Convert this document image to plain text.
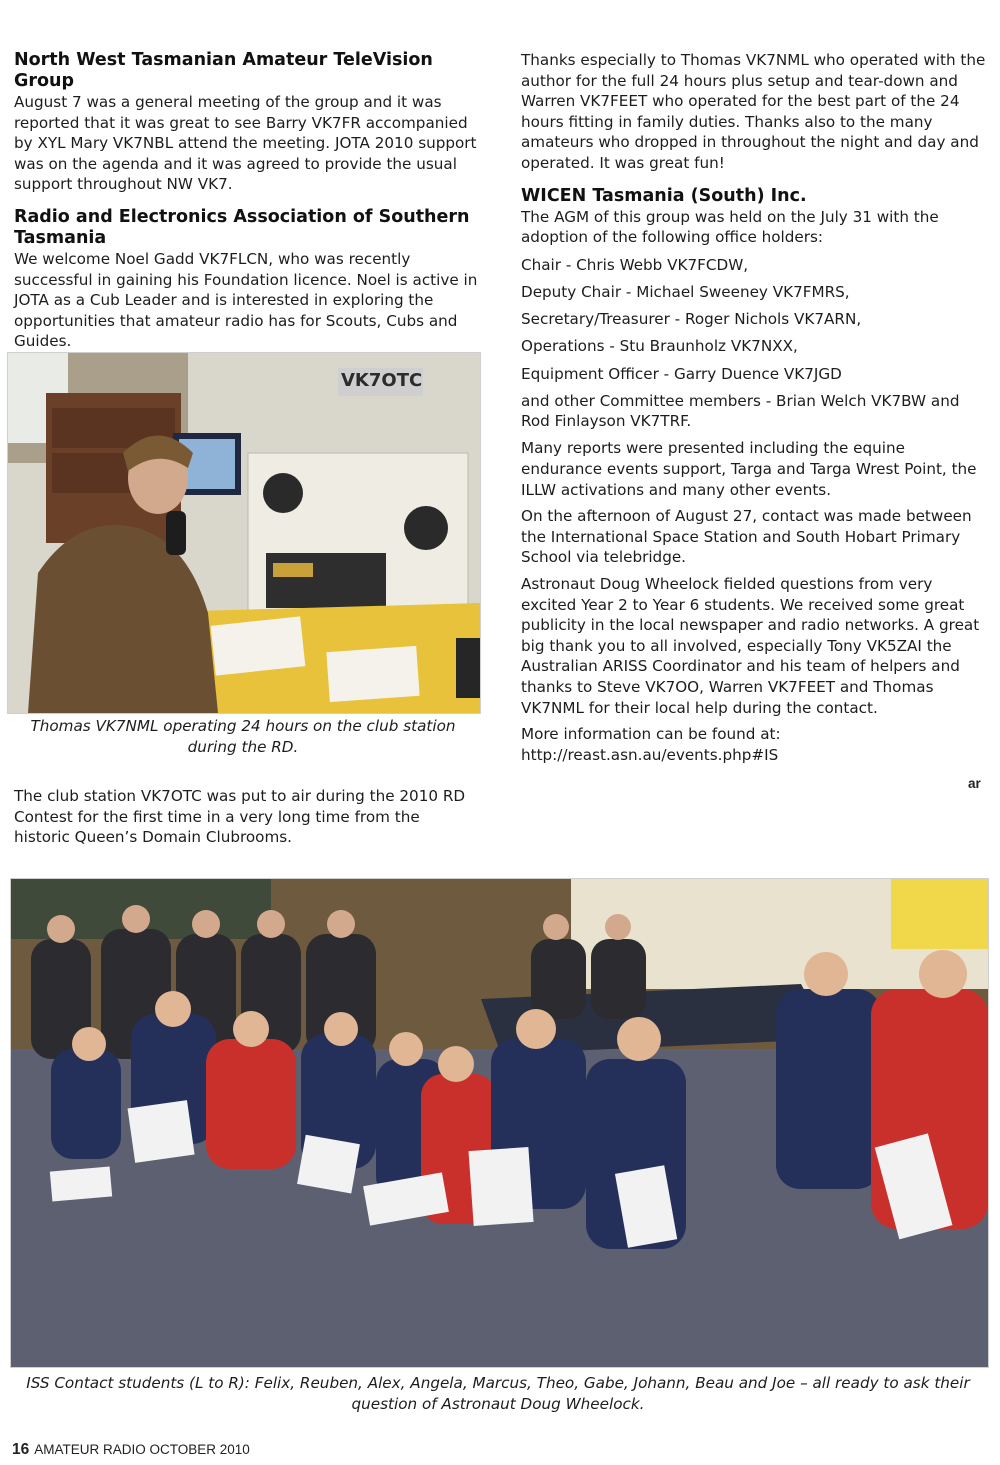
North West Tasmanian Amateur TeleVision Group

August 7 was a general meeting of the group and it was reported that it was great to see Barry VK7FR accompanied by XYL Mary VK7NBL attend the meeting. JOTA 2010 support was on the agenda and it was agreed to provide the usual support throughout NW VK7.

Radio and Electronics Association of Southern Tasmania

We welcome Noel Gadd VK7FLCN, who was recently successful in gaining his Foundation licence. Noel is active in JOTA as a Cub Leader and is interested in exploring the opportunities that amateur radio has for Scouts, Cubs and Guides.

VK7OTC
Thomas VK7NML operating 24 hours on the club station during the RD.

The club station VK7OTC was put to air during the 2010 RD Contest for the first time in a very long time from the historic Queen’s Domain Clubrooms.

Thanks especially to Thomas VK7NML who operated with the author for the full 24 hours plus setup and tear-down and Warren VK7FEET who operated for the best part of the 24 hours fitting in family duties. Thanks also to the many amateurs who dropped in throughout the night and day and operated. It was great fun!

WICEN Tasmania (South) Inc.

The AGM of this group was held on the July 31 with the adoption of the following office holders:

Chair - Chris Webb VK7FCDW,

Deputy Chair - Michael Sweeney VK7FMRS,

Secretary/Treasurer - Roger Nichols VK7ARN,

Operations - Stu Braunholz VK7NXX,

Equipment Officer - Garry Duence VK7JGD

and other Committee members - Brian Welch VK7BW and Rod Finlayson VK7TRF.

Many reports were presented including the equine endurance events support, Targa and Targa Wrest Point, the ILLW activations and many other events.

On the afternoon of August 27, contact was made between the International Space Station and South Hobart Primary School via telebridge.

Astronaut Doug Wheelock fielded questions from very excited Year 2 to Year 6 students. We received some great publicity in the local newspaper and radio networks. A great big thank you to all involved, especially Tony VK5ZAI the Australian ARISS Coordinator and his team of helpers and thanks to Steve VK7OO, Warren VK7FEET and Thomas VK7NML for their local help during the contact.

More information can be found at: http://reast.asn.au/events.php#IS

ar
ISS Contact students (L to R): Felix, Reuben, Alex, Angela, Marcus, Theo, Gabe, Johann, Beau and Joe – all ready to ask their question of Astronaut Doug Wheelock.
16 AMATEUR RADIO OCTOBER 2010
